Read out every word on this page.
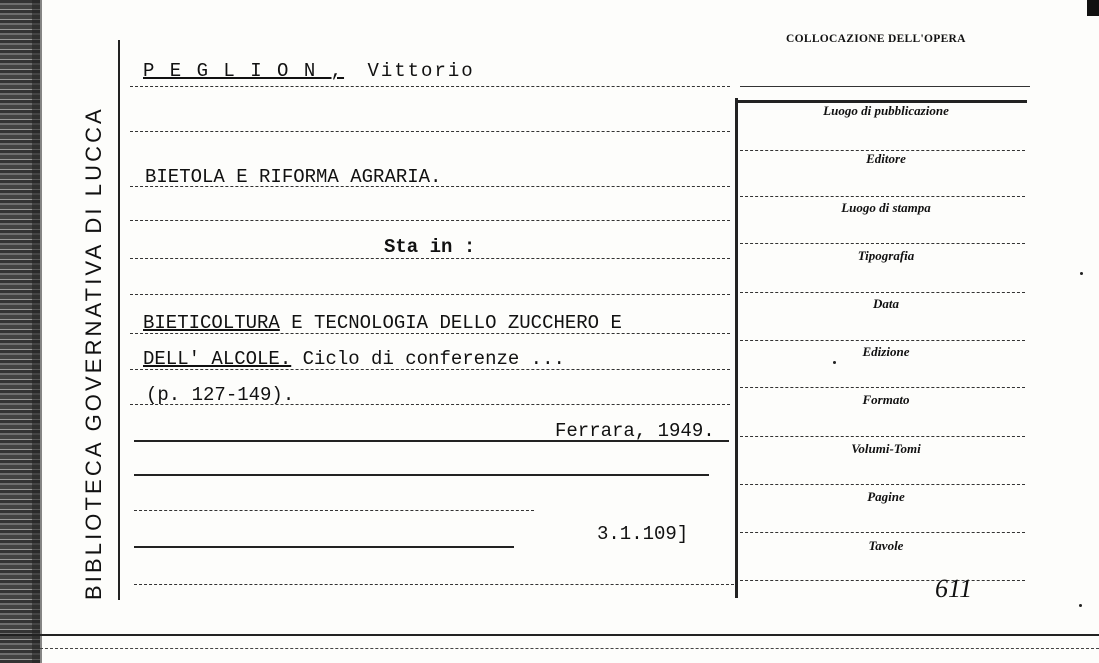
BIBLIOTECA GOVERNATIVA DI LUCCA
COLLOCAZIONE DELL'OPERA
P E G L I O N , Vittorio
BIETOLA E RIFORMA AGRARIA.
Sta in :
BIETICOLTURA E TECNOLOGIA DELLO ZUCCHERO E
DELL' ALCOLE. Ciclo di conferenze ...
(p. 127-149).
Ferrara, 1949.
3.1.109]
Luogo di pubblicazione
Editore
Luogo di stampa
Tipografia
Data
Edizione
Formato
Volumi-Tomi
Pagine
Tavole
611
